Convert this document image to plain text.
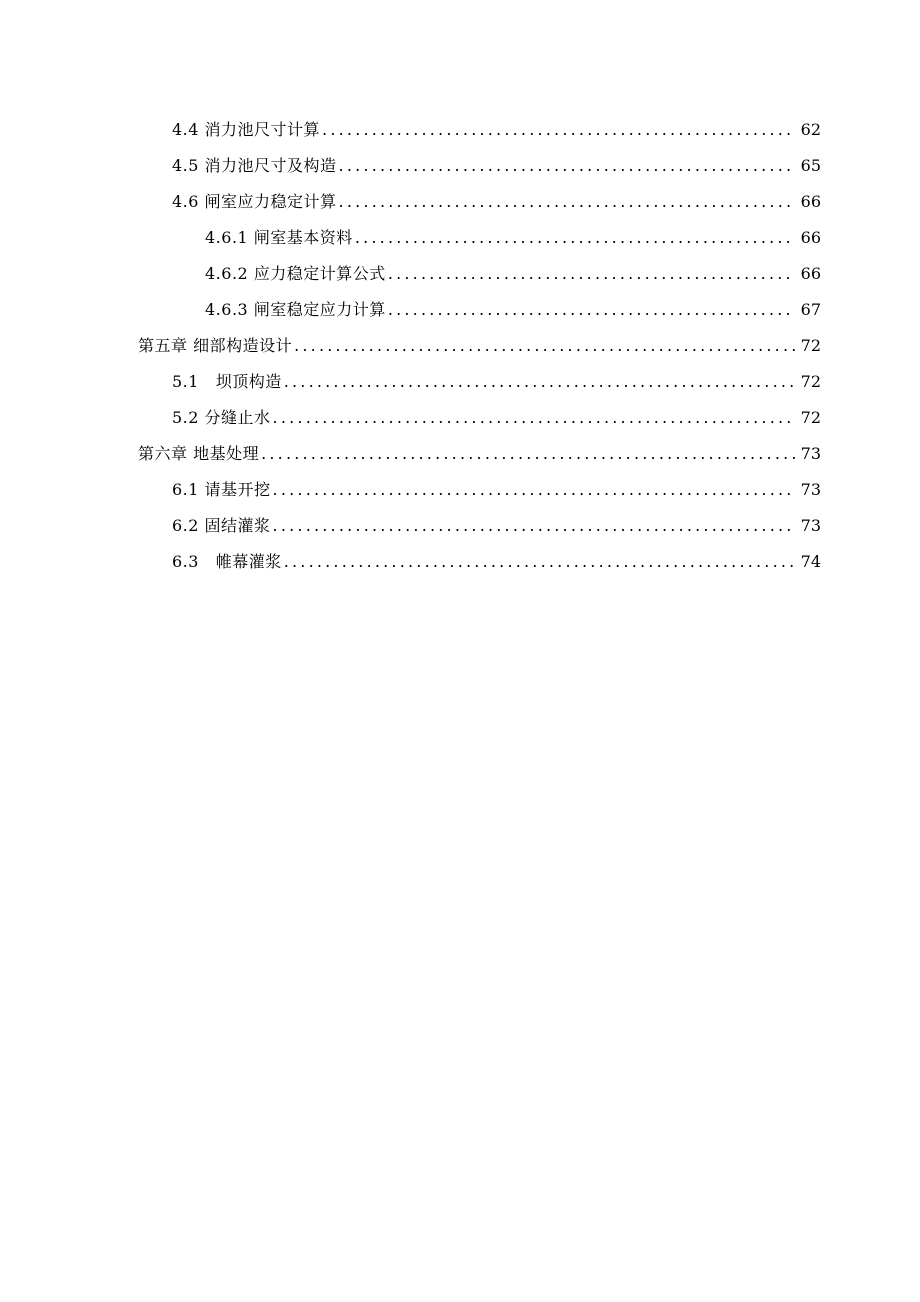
4.4 消力池尺寸计算 .....	62
4.5 消力池尺寸及构造 .....	65
4.6 闸室应力稳定计算 .....	66
4.6.1 闸室基本资料 .....	66
4.6.2 应力稳定计算公式 .....	66
4.6.3 闸室稳定应力计算 .....	67
第五章 细部构造设计 .....	72
5.1   坝顶构造 .....	72
5.2 分缝止水 .....	72
第六章 地基处理 .....	73
6.1 请基开挖 .....	73
6.2 固结灌浆 .....	73
6.3   帷幕灌浆 .....	74
